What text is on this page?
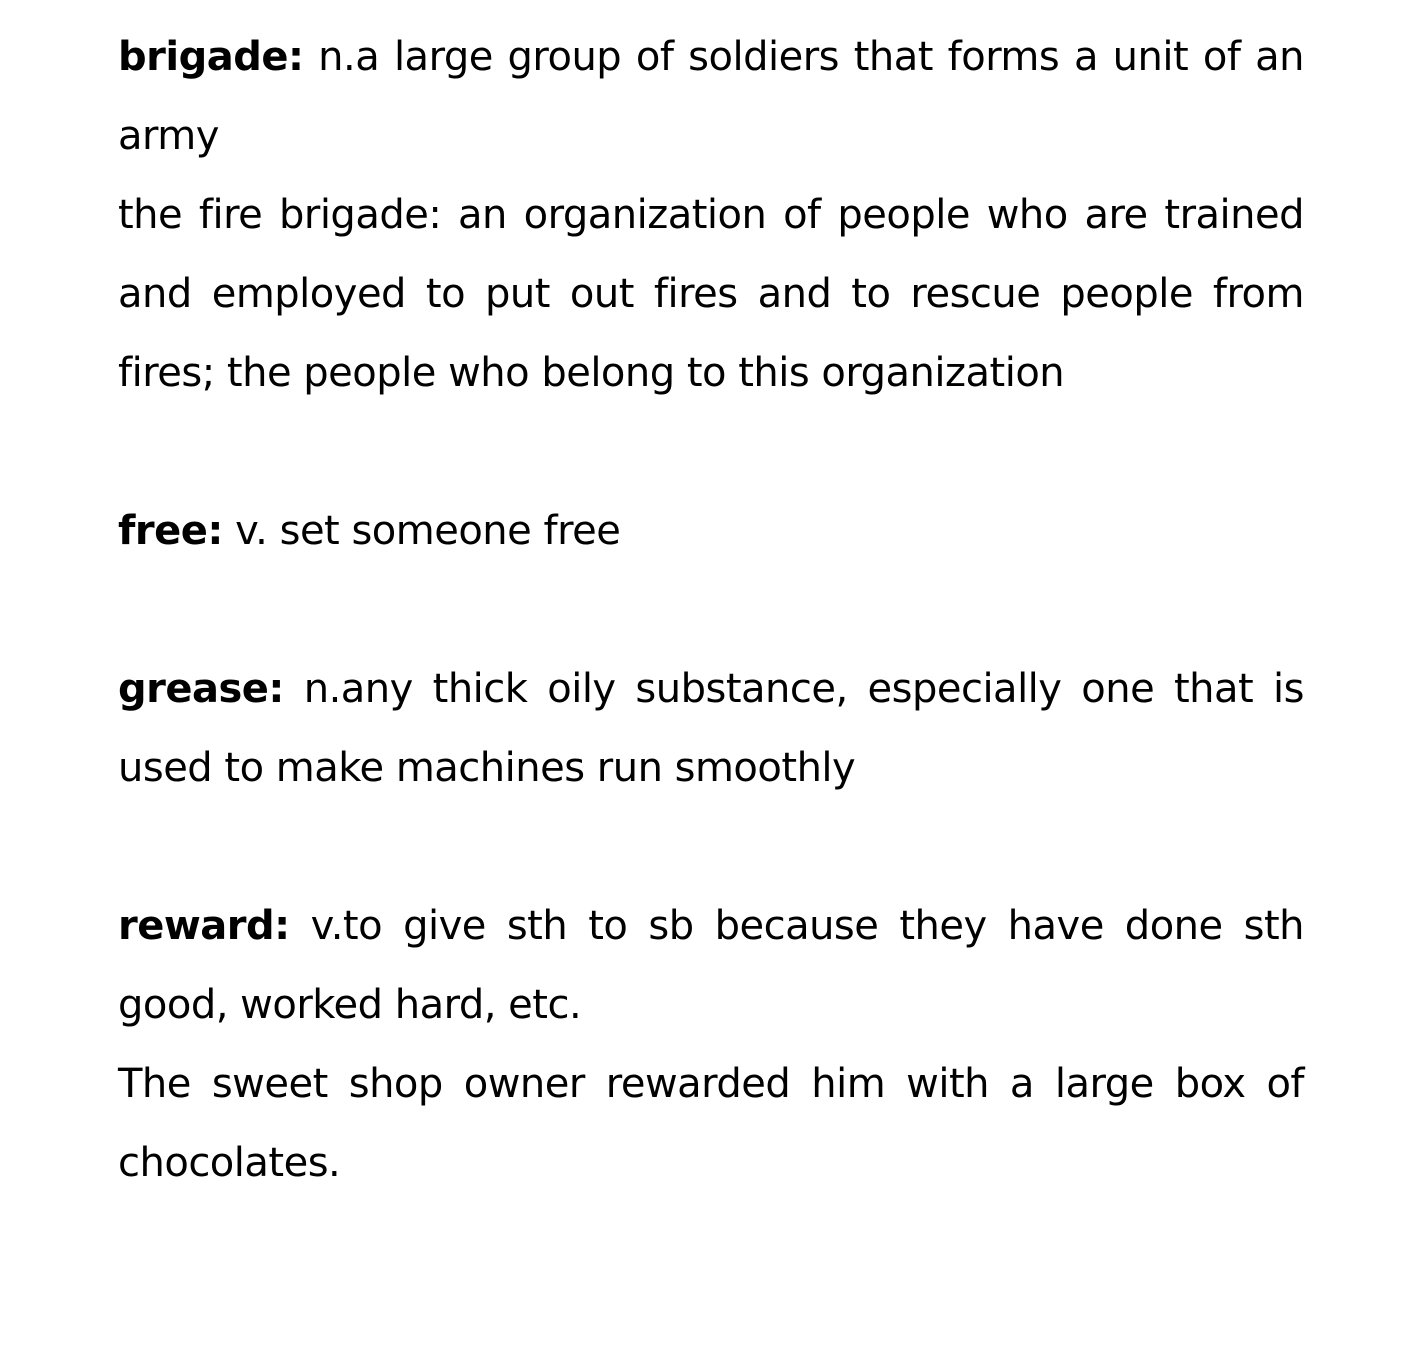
brigade: n.a large group of soldiers that forms a unit of an army

the fire brigade: an organization of people who are trained and employed to put out fires and to rescue people from fires; the people who belong to this organization

free: v. set someone free

grease: n.any thick oily substance, especially one that is used to make machines run smoothly

reward: v.to give sth to sb because they have done sth good, worked hard, etc.

The sweet shop owner rewarded him with a large box of chocolates.
